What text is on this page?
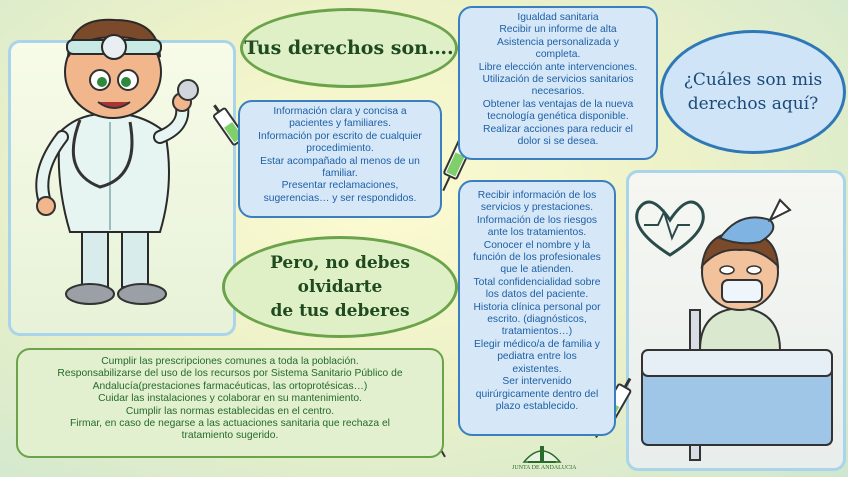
Tus derechos son….
Pero, no debes olvidarte
de tus deberes
¿Cuáles son mis
derechos aquí?
Información clara y concisa a
pacientes y familiares.
Información por escrito de cualquier
procedimiento.
Estar acompañado al menos de un
familiar.
Presentar reclamaciones,
sugerencias… y ser respondidos.
Igualdad sanitaria
Recibir un informe de alta
Asistencia personalizada y
completa.
Libre elección ante intervenciones.
Utilización de servicios sanitarios
necesarios.
Obtener las ventajas de la nueva
tecnología genética disponible.
Realizar acciones para reducir el
dolor si se desea.
Recibir información de los
servicios y prestaciones.
Información de los riesgos
ante los tratamientos.
Conocer el nombre y la
función de los profesionales
que le atienden.
Total confidencialidad sobre
los datos del paciente.
Historia clínica personal por
escrito. (diagnósticos,
tratamientos…)
Elegir médico/a de familia y
pediatra entre los
existentes.
Ser intervenido
quirúrgicamente dentro del
plazo establecido.
Cumplir las prescripciones comunes a toda la población.
Responsabilizarse del uso de los recursos por Sistema Sanitario Público de
Andalucía(prestaciones farmacéuticas, las ortoprotésicas…)
Cuidar las instalaciones y colaborar en su mantenimiento.
Cumplir las normas establecidas en el centro.
Firmar, en caso de negarse a las actuaciones sanitaria que rechaza el
tratamiento sugerido.
JUNTA DE ANDALUCIA
